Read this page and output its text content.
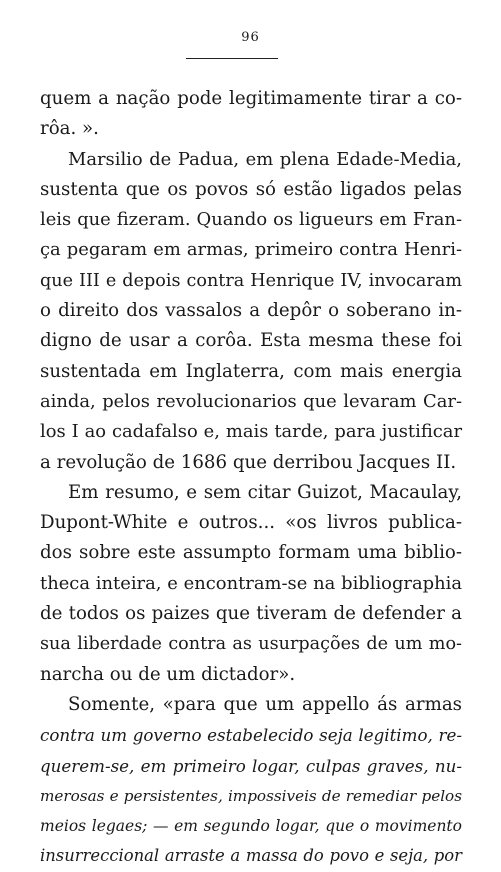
96
quem a nação pode legitimamente tirar a co-
rôa. ».
Marsilio de Padua, em plena Edade-Media,
sustenta que os povos só estão ligados pelas
leis que fizeram. Quando os ligueurs em Fran-
ça pegaram em armas, primeiro contra Henri-
que III e depois contra Henrique IV, invocaram
o direito dos vassalos a depôr o soberano in-
digno de usar a corôa. Esta mesma these foi
sustentada em Inglaterra, com mais energia
ainda, pelos revolucionarios que levaram Car-
los I ao cadafalso e, mais tarde, para justificar
a revolução de 1686 que derribou Jacques II.
Em resumo, e sem citar Guizot, Macaulay,
Dupont-White e outros... «os livros publica-
dos sobre este assumpto formam uma biblio-
theca inteira, e encontram-se na bibliographia
de todos os paizes que tiveram de defender a
sua liberdade contra as usurpações de um mo-
narcha ou de um dictador».
Somente, «para que um appello ás armas
contra um governo estabelecido seja legitimo, re-
querem-se, em primeiro logar, culpas graves, nu-
merosas e persistentes, impossiveis de remediar pelos
meios legaes; — em segundo logar, que o movimento
insurreccional arraste a massa do povo e seja, por
